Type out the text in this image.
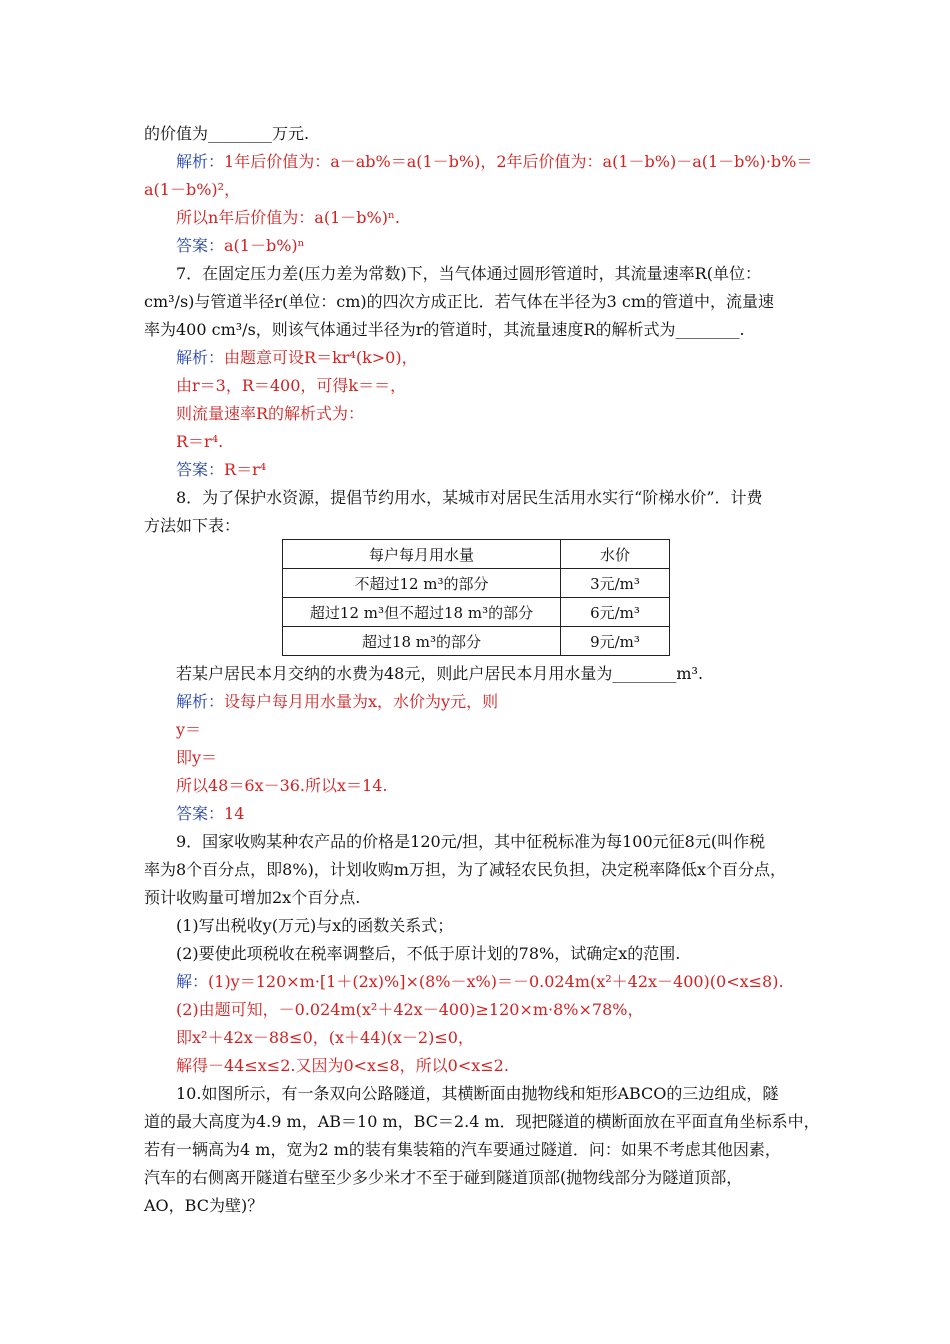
的价值为________万元.
解析：1年后价值为：a－ab%＝a(1－b%)，2年后价值为：a(1－b%)－a(1－b%)·b%＝
a(1－b%)²，
所以n年后价值为：a(1－b%)ⁿ.
答案：a(1－b%)ⁿ
7．在固定压力差(压力差为常数)下，当气体通过圆形管道时，其流量速率R(单位：
cm³/s)与管道半径r(单位：cm)的四次方成正比．若气体在半径为3 cm的管道中，流量速
率为400 cm³/s，则该气体通过半径为r的管道时，其流量速度R的解析式为________.
解析：由题意可设R＝kr⁴(k>0)，
由r＝3，R＝400，可得k＝＝，
则流量速率R的解析式为：
R＝r⁴.
答案：R＝r⁴
8．为了保护水资源，提倡节约用水，某城市对居民生活用水实行“阶梯水价”．计费
方法如下表：
若某户居民本月交纳的水费为48元，则此户居民本月用水量为________m³.
解析：设每户每月用水量为x，水价为y元，则
y＝
即y＝
所以48＝6x－36.所以x＝14.
答案：14
9．国家收购某种农产品的价格是120元/担，其中征税标准为每100元征8元(叫作税
率为8个百分点，即8%)，计划收购m万担，为了减轻农民负担，决定税率降低x个百分点，
预计收购量可增加2x个百分点.
(1)写出税收y(万元)与x的函数关系式；
(2)要使此项税收在税率调整后，不低于原计划的78%，试确定x的范围.
解：(1)y＝120×m·[1＋(2x)%]×(8%－x%)＝－0.024m(x²＋42x－400)(0<x≤8).
(2)由题可知，－0.024m(x²＋42x－400)≥120×m·8%×78%，
即x²＋42x－88≤0，(x＋44)(x－2)≤0，
解得－44≤x≤2.又因为0<x≤8，所以0<x≤2.
10.如图所示，有一条双向公路隧道，其横断面由抛物线和矩形ABCO的三边组成，隧
道的最大高度为4.9 m，AB＝10 m，BC＝2.4 m．现把隧道的横断面放在平面直角坐标系中，
若有一辆高为4 m，宽为2 m的装有集装箱的汽车要通过隧道．问：如果不考虑其他因素，
汽车的右侧离开隧道右壁至少多少米才不至于碰到隧道顶部(抛物线部分为隧道顶部，
AO，BC为壁)？
每户每月用水量	水价
不超过12 m³的部分	3元/m³
超过12 m³但不超过18 m³的部分	6元/m³
超过18 m³的部分	9元/m³
